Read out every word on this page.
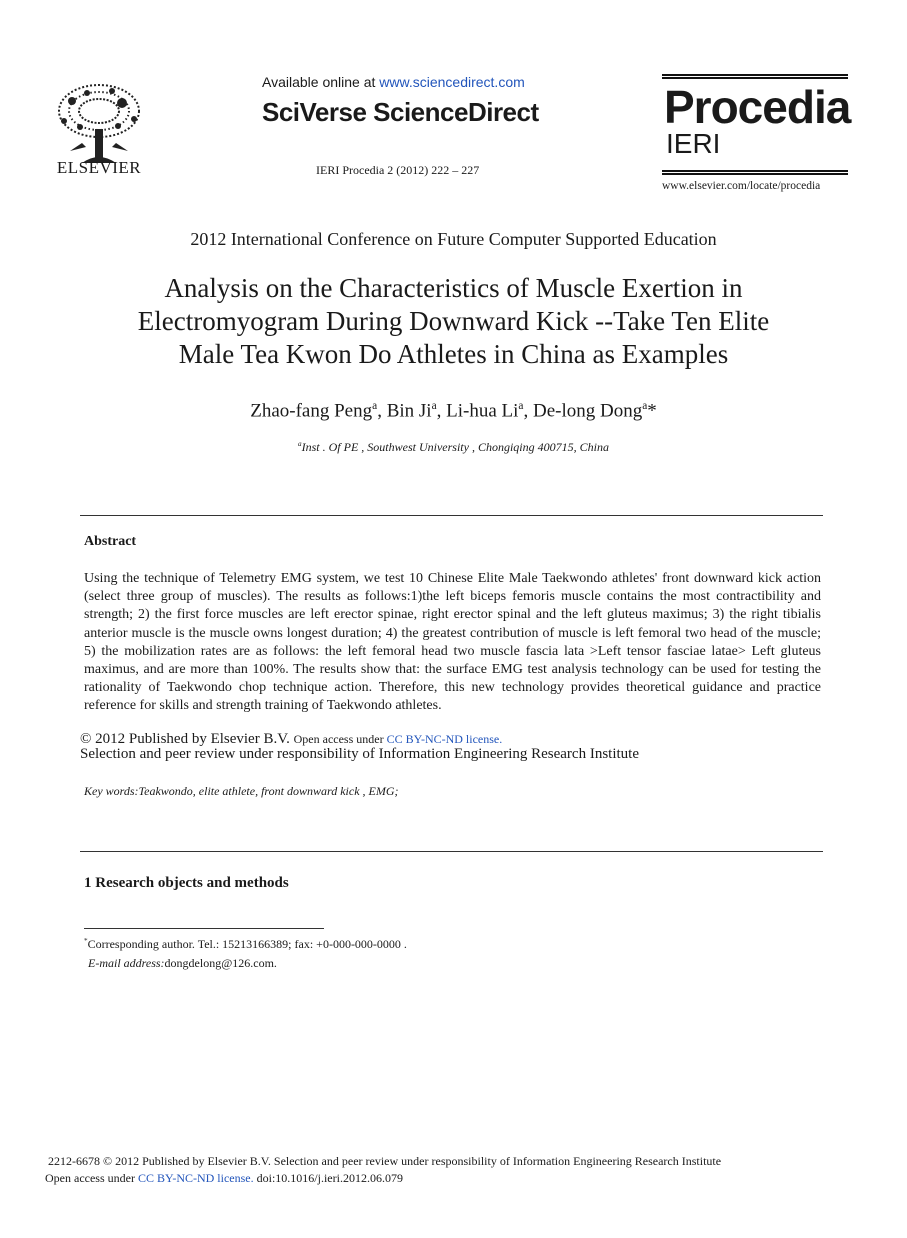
ELSEVIER
Available online at www.sciencedirect.com
SciVerse ScienceDirect
IERI Procedia 2 (2012) 222 – 227
Procedia
IERI
www.elsevier.com/locate/procedia
2012 International Conference on Future Computer Supported Education
Analysis on the Characteristics of Muscle Exertion in
Electromyogram During Downward Kick --Take Ten Elite
Male Tea Kwon Do Athletes in China as Examples
Zhao-fang Peng$^a$, Bin Ji$^a$, Li-hua Li$^a$, De-long Dong$^a$*
$^a$Inst . Of PE , Southwest University , Chongiqing 400715, China
Abstract
Using the technique of Telemetry EMG system, we test 10 Chinese Elite Male Taekwondo athletes' front downward kick action (select three group of muscles). The results as follows:1)the left biceps femoris muscle contains the most contractibility and strength; 2) the first force muscles are left erector spinae, right erector spinal and the left gluteus maximus; 3) the right tibialis anterior muscle is the muscle owns longest duration; 4) the greatest contribution of muscle is left femoral two head of the muscle; 5) the mobilization rates are as follows: the left femoral head two muscle fascia lata >Left tensor fasciae latae> Left gluteus maximus, and are more than 100%. The results show that: the surface EMG test analysis technology can be used for testing the rationality of Taekwondo chop technique action. Therefore, this new technology provides theoretical guidance and practice reference for skills and strength training of Taekwondo athletes.
© 2012 Published by Elsevier B.V. Open access under CC BY-NC-ND license.
Selection and peer review under responsibility of Information Engineering Research Institute
Key words:Teakwondo, elite athlete, front downward kick , EMG;
1 Research objects and methods
*Corresponding author. Tel.: 15213166389; fax: +0-000-000-0000 .
E-mail address:dongdelong@126.com.
2212-6678 © 2012 Published by Elsevier B.V. Selection and peer review under responsibility of Information Engineering Research Institute
Open access under CC BY-NC-ND license. doi:10.1016/j.ieri.2012.06.079
